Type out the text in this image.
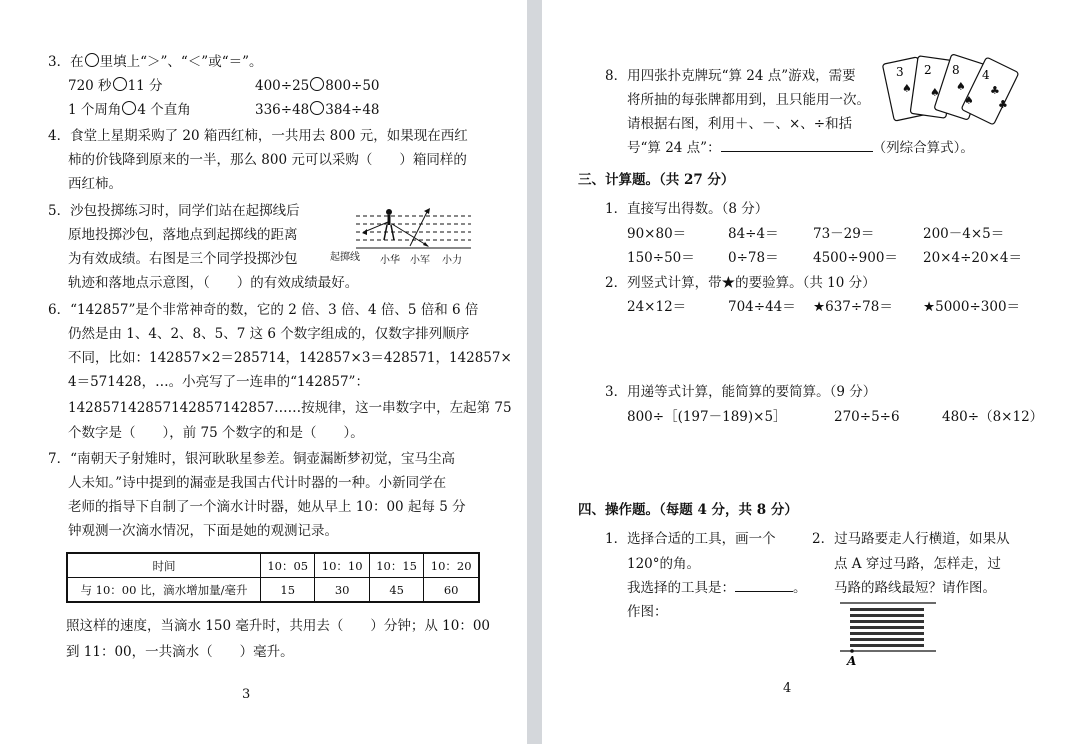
3．在 里填上“＞”、“＜”或“＝”。
720 秒 11 分	400÷25 800÷50
1 个周角 4 个直角	336÷48 384÷48
4．食堂上星期采购了 20 箱西红柿，一共用去 800 元，如果现在西红
柿的价钱降到原来的一半，那么 800 元可以采购（　　）箱同样的
西红柿。
5．沙包投掷练习时，同学们站在起掷线后
原地投掷沙包，落地点到起掷线的距离
为有效成绩。右图是三个同学投掷沙包
轨迹和落地点示意图，（　　）的有效成绩最好。
起掷线 小华 小军 小力
6．“142857”是个非常神奇的数，它的 2 倍、3 倍、4 倍、5 倍和 6 倍
仍然是由 1、4、2、8、5、7 这 6 个数字组成的，仅数字排列顺序
不同，比如：142857×2＝285714，142857×3＝428571，142857×
4＝571428，…。小亮写了一连串的“142857”：
142857142857142857142857……按规律，这一串数字中，左起第 75
个数字是（　　），前 75 个数字的和是（　　）。
7．“南朝天子射雉时，银河耿耿星参差。铜壶漏断梦初觉，宝马尘高
人未知。”诗中提到的漏壶是我国古代计时器的一种。小新同学在
老师的指导下自制了一个滴水计时器，她从早上 10：00 起每 5 分
钟观测一次滴水情况，下面是她的观测记录。
时间	10：05	10：10	10：15	10：20
与 10：00 比，滴水增加量/毫升	15	30	45	60
照这样的速度，当滴水 150 毫升时，共用去（　　）分钟；从 10：00
到 11：00，一共滴水（　　）毫升。
3
8．用四张扑克牌玩“算 24 点”游戏，需要
将所抽的每张牌都用到，且只能用一次。
请根据右图，利用＋、－、×、÷和括
号“算 24 点”：	（列综合算式）。
3 2 8 4
♠ ♠ ♠
♠
♣
♣
三、计算题。（共 27 分）
1．直接写出得数。（8 分）
90×80＝	84÷4＝	73－29＝	200－4×5＝
150÷50＝ 0÷78＝	4500÷900＝ 20×4÷20×4＝
2．列竖式计算，带★的要验算。（共 10 分）
24×12＝	704÷44＝ ★637÷78＝ ★5000÷300＝
3．用递等式计算，能简算的要简算。（9 分）
800÷［(197－189)×5］	270÷5÷6	480÷（8×12）
四、操作题。（每题 4 分，共 8 分）
1．选择合适的工具，画一个
120°的角。
我选择的工具是：	。
作图：
2．过马路要走人行横道，如果从
点 A 穿过马路，怎样走，过
马路的路线最短？请作图。
A
4
